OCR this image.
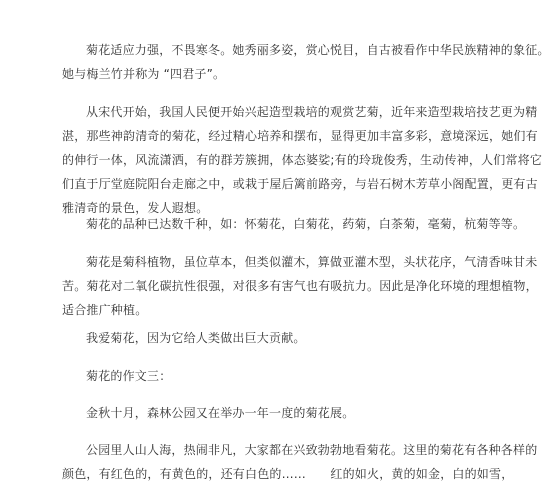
菊花适应力强，不畏寒冬。她秀丽多姿，赏心悦目，自古被看作中华民族精神的象征。
她与梅兰竹并称为 “四君子”。
从宋代开始，我国人民便开始兴起造型栽培的观赏艺菊，近年来造型栽培技艺更为精
湛，那些神韵清奇的菊花，经过精心培养和摆布，显得更加丰富多彩，意境深远，她们有
的伸行一体，风流潇洒，有的群芳簇拥，体态婆娑;有的玲珑俊秀，生动传神，人们常将它
们直于厅堂庭院阳台走廊之中，或栽于屋后篱前路旁，与岩石树木芳草小阁配置，更有古
雅清奇的景色，发人遐想。
菊花的品种已达数千种，如：怀菊花，白菊花，药菊，白茶菊，毫菊，杭菊等等。
菊花是菊科植物，虽位草本，但类似灌木，算做亚灌木型，头状花序，气清香味甘未
苦。菊花对二氧化碳抗性很强，对很多有害气也有吸抗力。因此是净化环境的理想植物，
适合推广种植。
我爱菊花，因为它给人类做出巨大贡献。
菊花的作文三：
金秋十月，森林公园又在举办一年一度的菊花展。
公园里人山人海，热闹非凡，大家都在兴致勃勃地看菊花。这里的菊花有各种各样的
颜色，有红色的，有黄色的，还有白色的……　　红的如火，黄的如金，白的如雪，
